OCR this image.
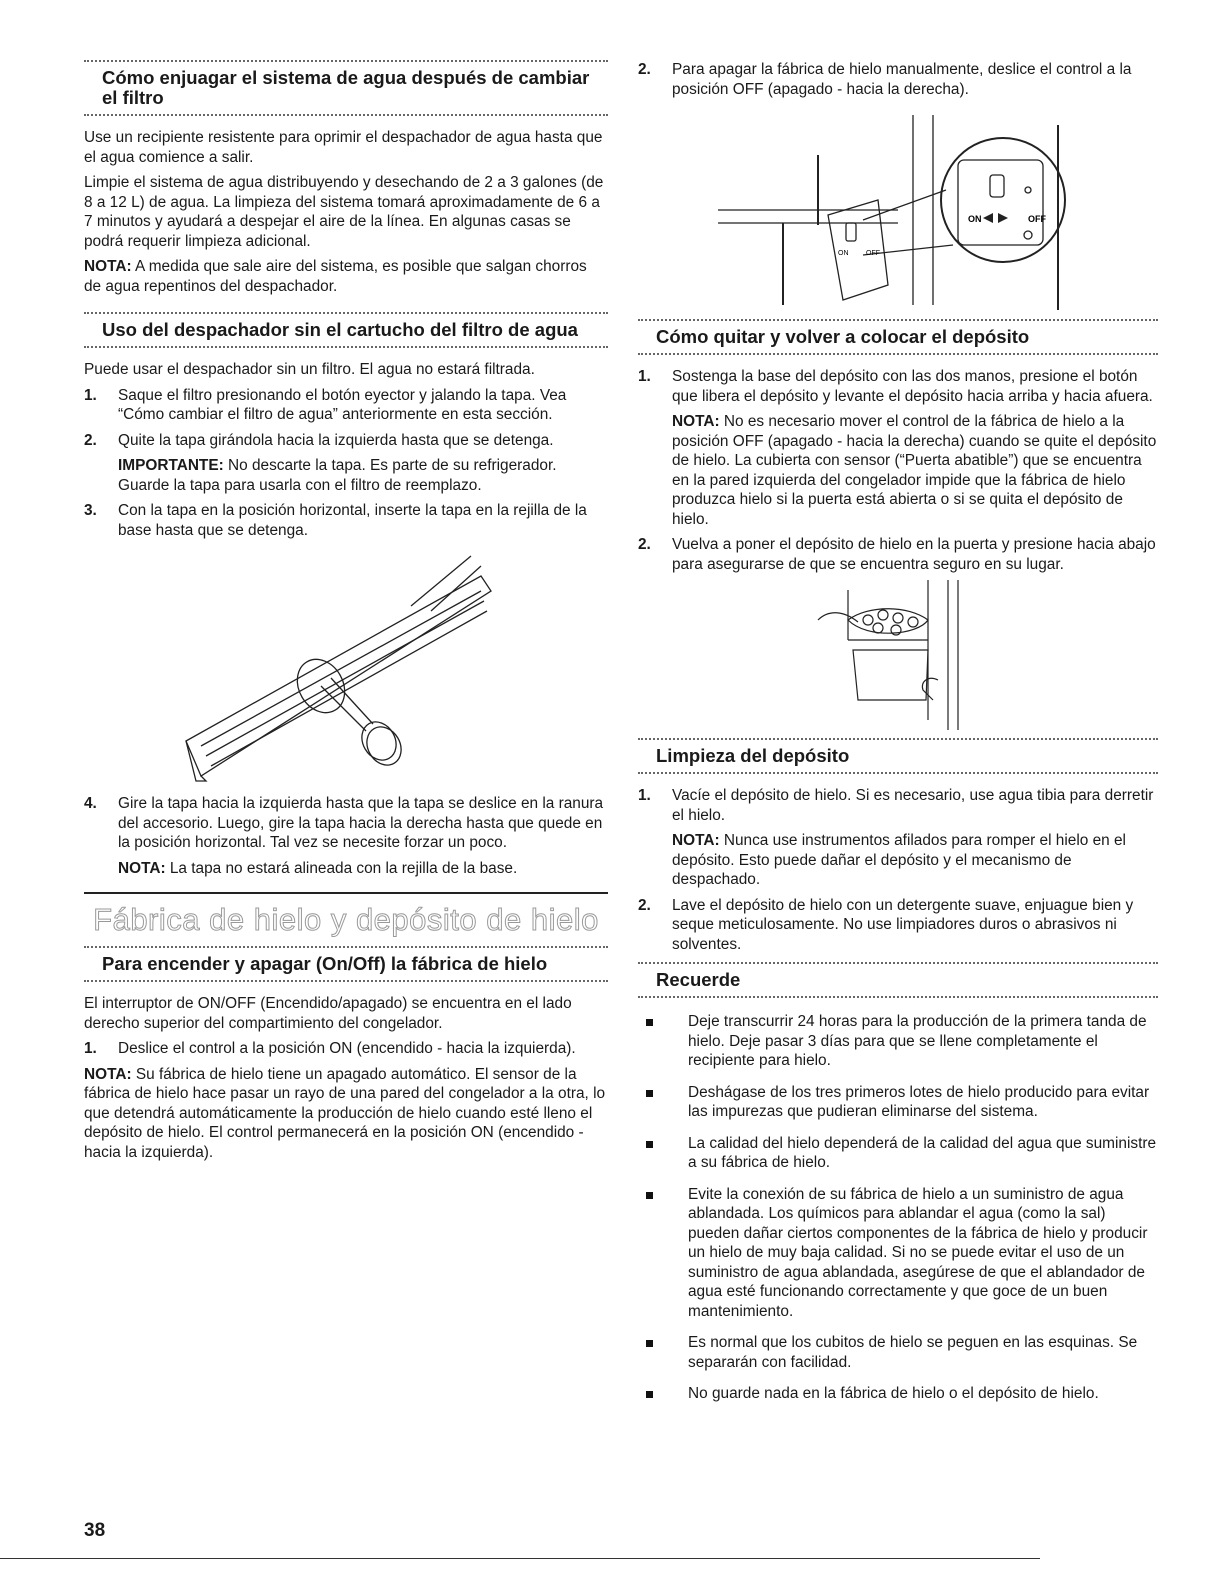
Cómo enjuagar el sistema de agua después de cambiar el filtro

Use un recipiente resistente para oprimir el despachador de agua hasta que el agua comience a salir.

Limpie el sistema de agua distribuyendo y desechando de 2 a 3 galones (de 8 a 12 L) de agua. La limpieza del sistema tomará aproximadamente de 6 a 7 minutos y ayudará a despejar el aire de la línea. En algunas casas se podrá requerir limpieza adicional.

NOTA: A medida que sale aire del sistema, es posible que salgan chorros de agua repentinos del despachador.

Uso del despachador sin el cartucho del filtro de agua

Puede usar el despachador sin un filtro. El agua no estará filtrada.

1. Saque el filtro presionando el botón eyector y jalando la tapa. Vea “Cómo cambiar el filtro de agua” anteriormente en esta sección.

2. Quite la tapa girándola hacia la izquierda hasta que se detenga.

IMPORTANTE: No descarte la tapa. Es parte de su refrigerador. Guarde la tapa para usarla con el filtro de reemplazo.

3. Con la tapa en la posición horizontal, inserte la tapa en la rejilla de la base hasta que se detenga.

4. Gire la tapa hacia la izquierda hasta que la tapa se deslice en la ranura del accesorio. Luego, gire la tapa hacia la derecha hasta que quede en la posición horizontal. Tal vez se necesite forzar un poco.

NOTA: La tapa no estará alineada con la rejilla de la base.

Fábrica de hielo y depósito de hielo
Para encender y apagar (On/Off) la fábrica de hielo

El interruptor de ON/OFF (Encendido/apagado) se encuentra en el lado derecho superior del compartimiento del congelador.

1. Deslice el control a la posición ON (encendido - hacia la izquierda).

NOTA: Su fábrica de hielo tiene un apagado automático. El sensor de la fábrica de hielo hace pasar un rayo de una pared del congelador a la otra, lo que detendrá automáticamente la producción de hielo cuando esté lleno el depósito de hielo. El control permanecerá en la posición ON (encendido - hacia la izquierda).

2. Para apagar la fábrica de hielo manualmente, deslice el control a la posición OFF (apagado - hacia la derecha).

ON	OFF
ON	OFF
Cómo quitar y volver a colocar el depósito
1. Sostenga la base del depósito con las dos manos, presione el botón que libera el depósito y levante el depósito hacia arriba y hacia afuera.

NOTA: No es necesario mover el control de la fábrica de hielo a la posición OFF (apagado - hacia la derecha) cuando se quite el depósito de hielo. La cubierta con sensor (“Puerta abatible”) que se encuentra en la pared izquierda del congelador impide que la fábrica de hielo produzca hielo si la puerta está abierta o si se quita el depósito de hielo.

2. Vuelva a poner el depósito de hielo en la puerta y presione hacia abajo para asegurarse de que se encuentra seguro en su lugar.

Limpieza del depósito
1. Vacíe el depósito de hielo. Si es necesario, use agua tibia para derretir el hielo.

NOTA: Nunca use instrumentos afilados para romper el hielo en el depósito. Esto puede dañar el depósito y el mecanismo de despachado.

2. Lave el depósito de hielo con un detergente suave, enjuague bien y seque meticulosamente. No use limpiadores duros o abrasivos ni solventes.

Recuerde
Deje transcurrir 24 horas para la producción de la primera tanda de hielo. Deje pasar 3 días para que se llene completamente el recipiente para hielo.
Deshágase de los tres primeros lotes de hielo producido para evitar las impurezas que pudieran eliminarse del sistema.
La calidad del hielo dependerá de la calidad del agua que suministre a su fábrica de hielo.
Evite la conexión de su fábrica de hielo a un suministro de agua ablandada. Los químicos para ablandar el agua (como la sal) pueden dañar ciertos componentes de la fábrica de hielo y producir un hielo de muy baja calidad. Si no se puede evitar el uso de un suministro de agua ablandada, asegúrese de que el ablandador de agua esté funcionando correctamente y que goce de un buen mantenimiento.
Es normal que los cubitos de hielo se peguen en las esquinas. Se separarán con facilidad.
No guarde nada en la fábrica de hielo o el depósito de hielo.
38
